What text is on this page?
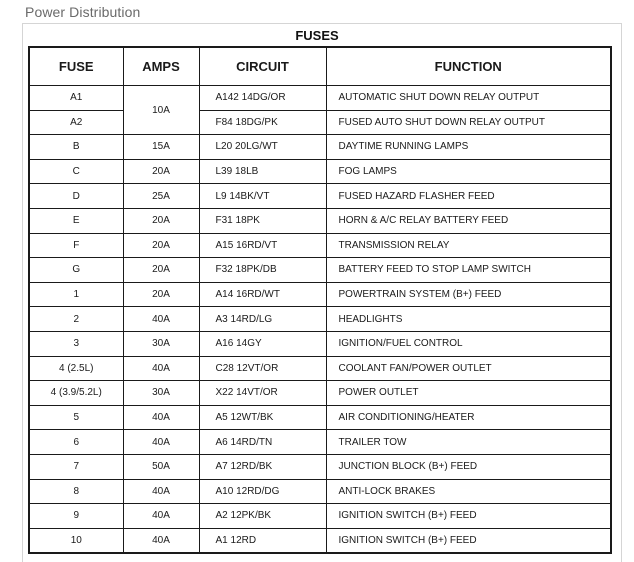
Power Distribution
FUSES
FUSE	AMPS	CIRCUIT	FUNCTION
A1	10A	A142 14DG/OR	AUTOMATIC SHUT DOWN RELAY OUTPUT
A2		F84 18DG/PK	FUSED AUTO SHUT DOWN RELAY OUTPUT
B	15A	L20 20LG/WT	DAYTIME RUNNING LAMPS
C	20A	L39 18LB	FOG LAMPS
D	25A	L9 14BK/VT	FUSED HAZARD FLASHER FEED
E	20A	F31 18PK	HORN & A/C RELAY BATTERY FEED
F	20A	A15 16RD/VT	TRANSMISSION RELAY
G	20A	F32 18PK/DB	BATTERY FEED TO STOP LAMP SWITCH
1	20A	A14 16RD/WT	POWERTRAIN SYSTEM (B+) FEED
2	40A	A3 14RD/LG	HEADLIGHTS
3	30A	A16 14GY	IGNITION/FUEL CONTROL
4 (2.5L)	40A	C28 12VT/OR	COOLANT FAN/POWER OUTLET
4 (3.9/5.2L)	30A	X22 14VT/OR	POWER OUTLET
5	40A	A5 12WT/BK	AIR CONDITIONING/HEATER
6	40A	A6 14RD/TN	TRAILER TOW
7	50A	A7 12RD/BK	JUNCTION BLOCK (B+) FEED
8	40A	A10 12RD/DG	ANTI-LOCK BRAKES
9	40A	A2 12PK/BK	IGNITION SWITCH (B+) FEED
10	40A	A1 12RD	IGNITION SWITCH (B+) FEED
